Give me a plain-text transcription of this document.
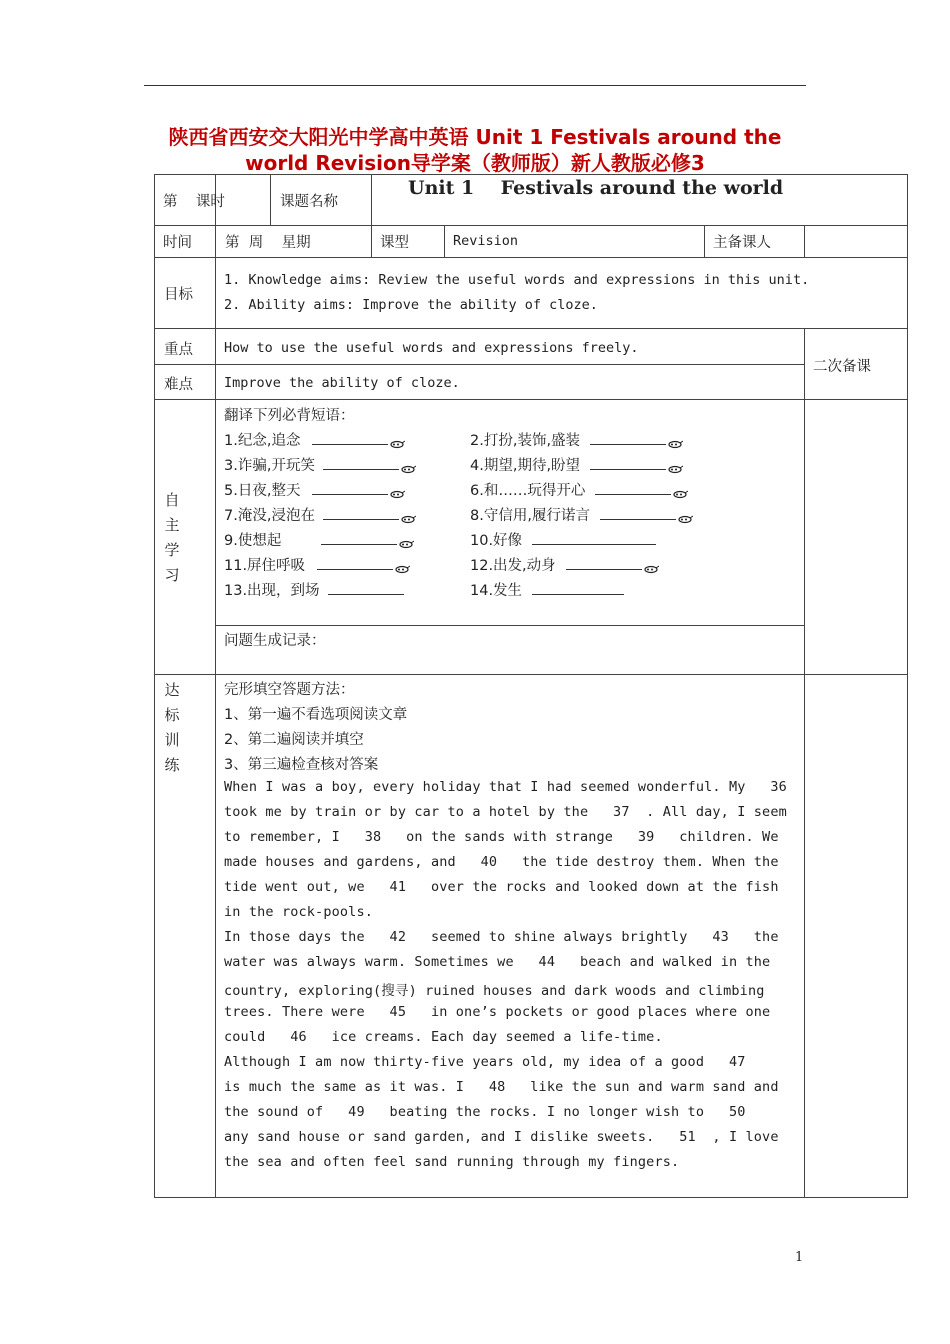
陕西省西安交大阳光中学高中英语 Unit 1 Festivals around the
world Revision导学案（教师版）新人教版必修3
第    课时	课题名称
Unit 1    Festivals around the world
时间 第  周    星期	课型	Revision	主备课人
目标
1. Knowledge aims: Review the useful words and expressions in this unit.
2. Ability aims: Improve the ability of cloze.
重点 How to use the useful words and expressions freely.
难点 Improve the ability of cloze.
二次备课
自
主
学
习
翻译下列必背短语：
1.纪念,追念	2.打扮,装饰,盛装
3.诈骗,开玩笑	4.期望,期待,盼望
5.日夜,整天	6.和……玩得开心
7.淹没,浸泡在	8.守信用,履行诺言
9.使想起	10.好像
11.屏住呼吸	12.出发,动身
13.出现，到场	14.发生
问题生成记录：
达
标
训
练
完形填空答题方法：
1、第一遍不看选项阅读文章
2、第二遍阅读并填空
3、第三遍检查核对答案
When I was a boy, every holiday that I had seemed wonderful. My   36
took me by train or by car to a hotel by the   37  . All day, I seem
to remember, I   38   on the sands with strange   39   children. We
made houses and gardens, and   40   the tide destroy them. When the
tide went out, we   41   over the rocks and looked down at the fish
in the rock-pools.
In those days the   42   seemed to shine always brightly   43   the
water was always warm. Sometimes we   44   beach and walked in the
country, exploring(搜寻) ruined houses and dark woods and climbing
trees. There were   45   in one’s pockets or good places where one
could   46   ice creams. Each day seemed a life-time.
Although I am now thirty-five years old, my idea of a good   47
is much the same as it was. I   48   like the sun and warm sand and
the sound of   49   beating the rocks. I no longer wish to   50
any sand house or sand garden, and I dislike sweets.   51  , I love
the sea and often feel sand running through my fingers.
1
